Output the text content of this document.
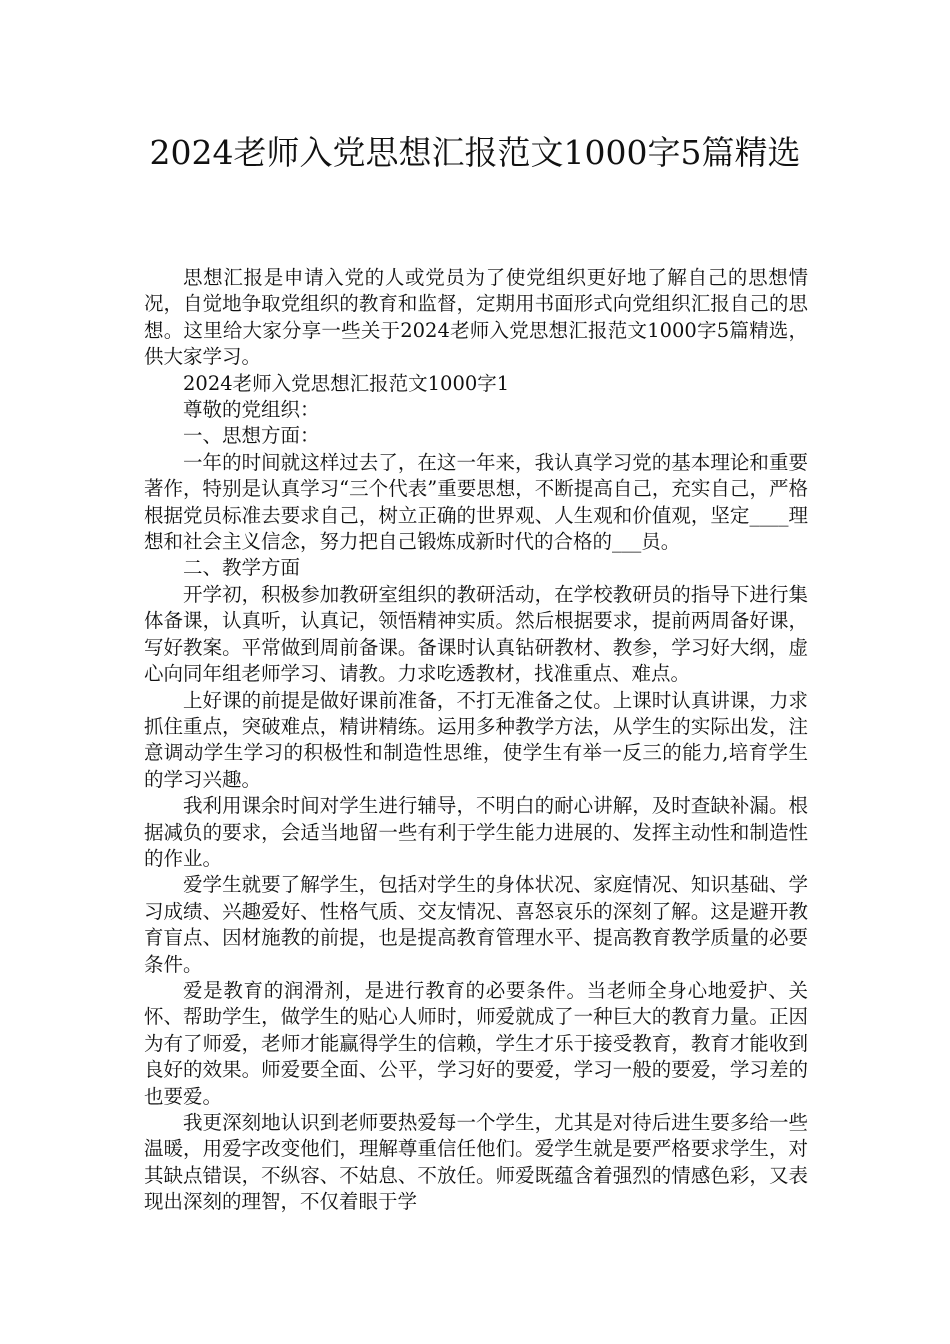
2024老师入党思想汇报范文1000字5篇精选

思想汇报是申请入党的人或党员为了使党组织更好地了解自己的思想情况，自觉地争取党组织的教育和监督，定期用书面形式向党组织汇报自己的思想。这里给大家分享一些关于2024老师入党思想汇报范文1000字5篇精选，供大家学习。

2024老师入党思想汇报范文1000字1

尊敬的党组织：

一、思想方面：

一年的时间就这样过去了，在这一年来，我认真学习党的基本理论和重要著作，特别是认真学习“三个代表”重要思想，不断提高自己，充实自己，严格根据党员标准去要求自己，树立正确的世界观、人生观和价值观，坚定____理想和社会主义信念，努力把自己锻炼成新时代的合格的___员。

二、教学方面

开学初，积极参加教研室组织的教研活动，在学校教研员的指导下进行集体备课，认真听，认真记，领悟精神实质。然后根据要求，提前两周备好课，写好教案。平常做到周前备课。备课时认真钻研教材、教参，学习好大纲，虚心向同年组老师学习、请教。力求吃透教材，找准重点、难点。

上好课的前提是做好课前准备，不打无准备之仗。上课时认真讲课，力求抓住重点，突破难点，精讲精练。运用多种教学方法，从学生的实际出发，注意调动学生学习的积极性和制造性思维，使学生有举一反三的能力,培育学生的学习兴趣。

我利用课余时间对学生进行辅导，不明白的耐心讲解，及时查缺补漏。根据减负的要求，会适当地留一些有利于学生能力进展的、发挥主动性和制造性的作业。

爱学生就要了解学生，包括对学生的身体状况、家庭情况、知识基础、学习成绩、兴趣爱好、性格气质、交友情况、喜怒哀乐的深刻了解。这是避开教育盲点、因材施教的前提，也是提高教育管理水平、提高教育教学质量的必要条件。

爱是教育的润滑剂，是进行教育的必要条件。当老师全身心地爱护、关怀、帮助学生，做学生的贴心人师时，师爱就成了一种巨大的教育力量。正因为有了师爱，老师才能赢得学生的信赖，学生才乐于接受教育，教育才能收到良好的效果。师爱要全面、公平，学习好的要爱，学习一般的要爱，学习差的也要爱。

我更深刻地认识到老师要热爱每一个学生，尤其是对待后进生要多给一些温暖，用爱字改变他们，理解尊重信任他们。爱学生就是要严格要求学生，对其缺点错误，不纵容、不姑息、不放任。师爱既蕴含着强烈的情感色彩，又表现出深刻的理智，不仅着眼于学
